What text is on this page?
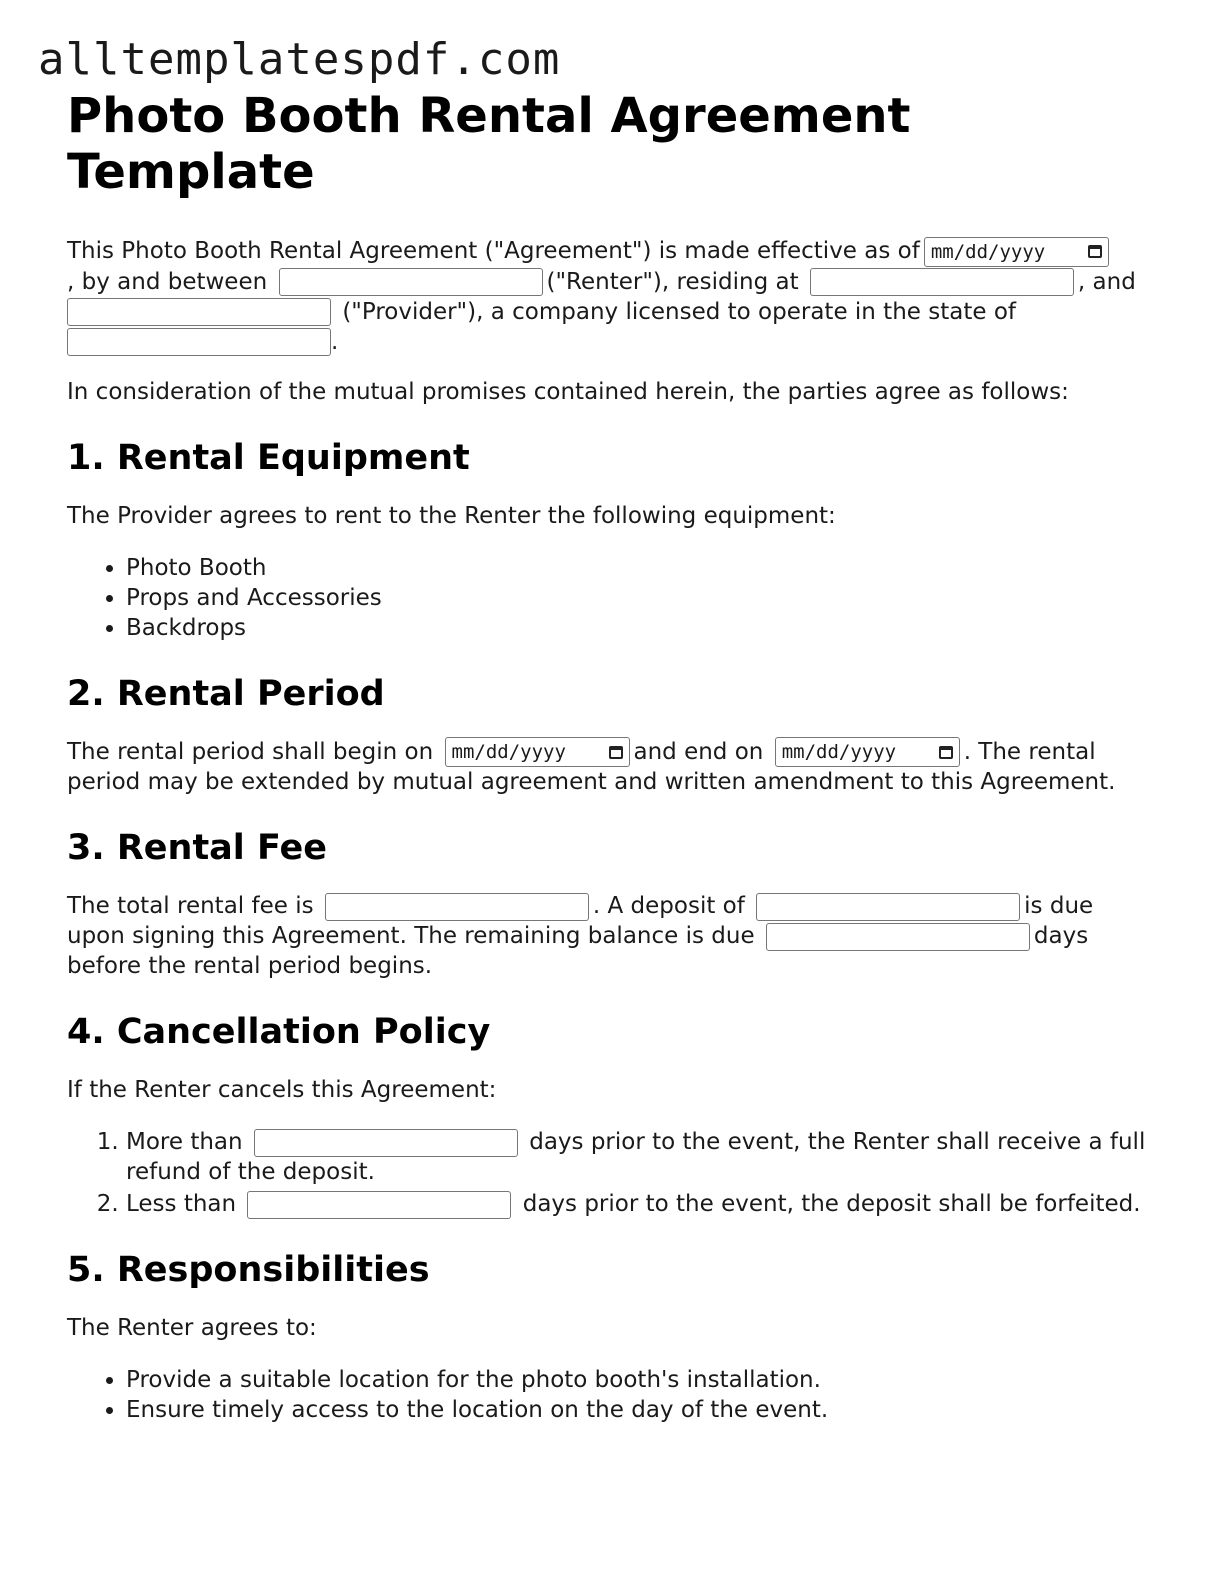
alltemplatespdf.com
Photo Booth Rental Agreement Template

This Photo Booth Rental Agreement ("Agreement") is made effective as of mm/dd/yyyy

, by and between	("Renter"), residing at	, and
("Provider"), a company licensed to operate in the state of
.

In consideration of the mutual promises contained herein, the parties agree as follows:

1. Rental Equipment

The Provider agrees to rent to the Renter the following equipment:

• Photo Booth
• Props and Accessories
• Backdrops
2. Rental Period

The rental period shall begin on mm/dd/yyyy	and end on mm/dd/yyyy	. The rental period may be extended by mutual agreement and written amendment to this Agreement.

3. Rental Fee

The total rental fee is	. A deposit of	is due upon signing this Agreement. The remaining balance is due	days before the rental period begins.

4. Cancellation Policy

If the Renter cancels this Agreement:

1. More than	days prior to the event, the Renter shall receive a full refund of the deposit.
2. Less than	days prior to the event, the deposit shall be forfeited.
5. Responsibilities

The Renter agrees to:

• Provide a suitable location for the photo booth's installation.
• Ensure timely access to the location on the day of the event.
